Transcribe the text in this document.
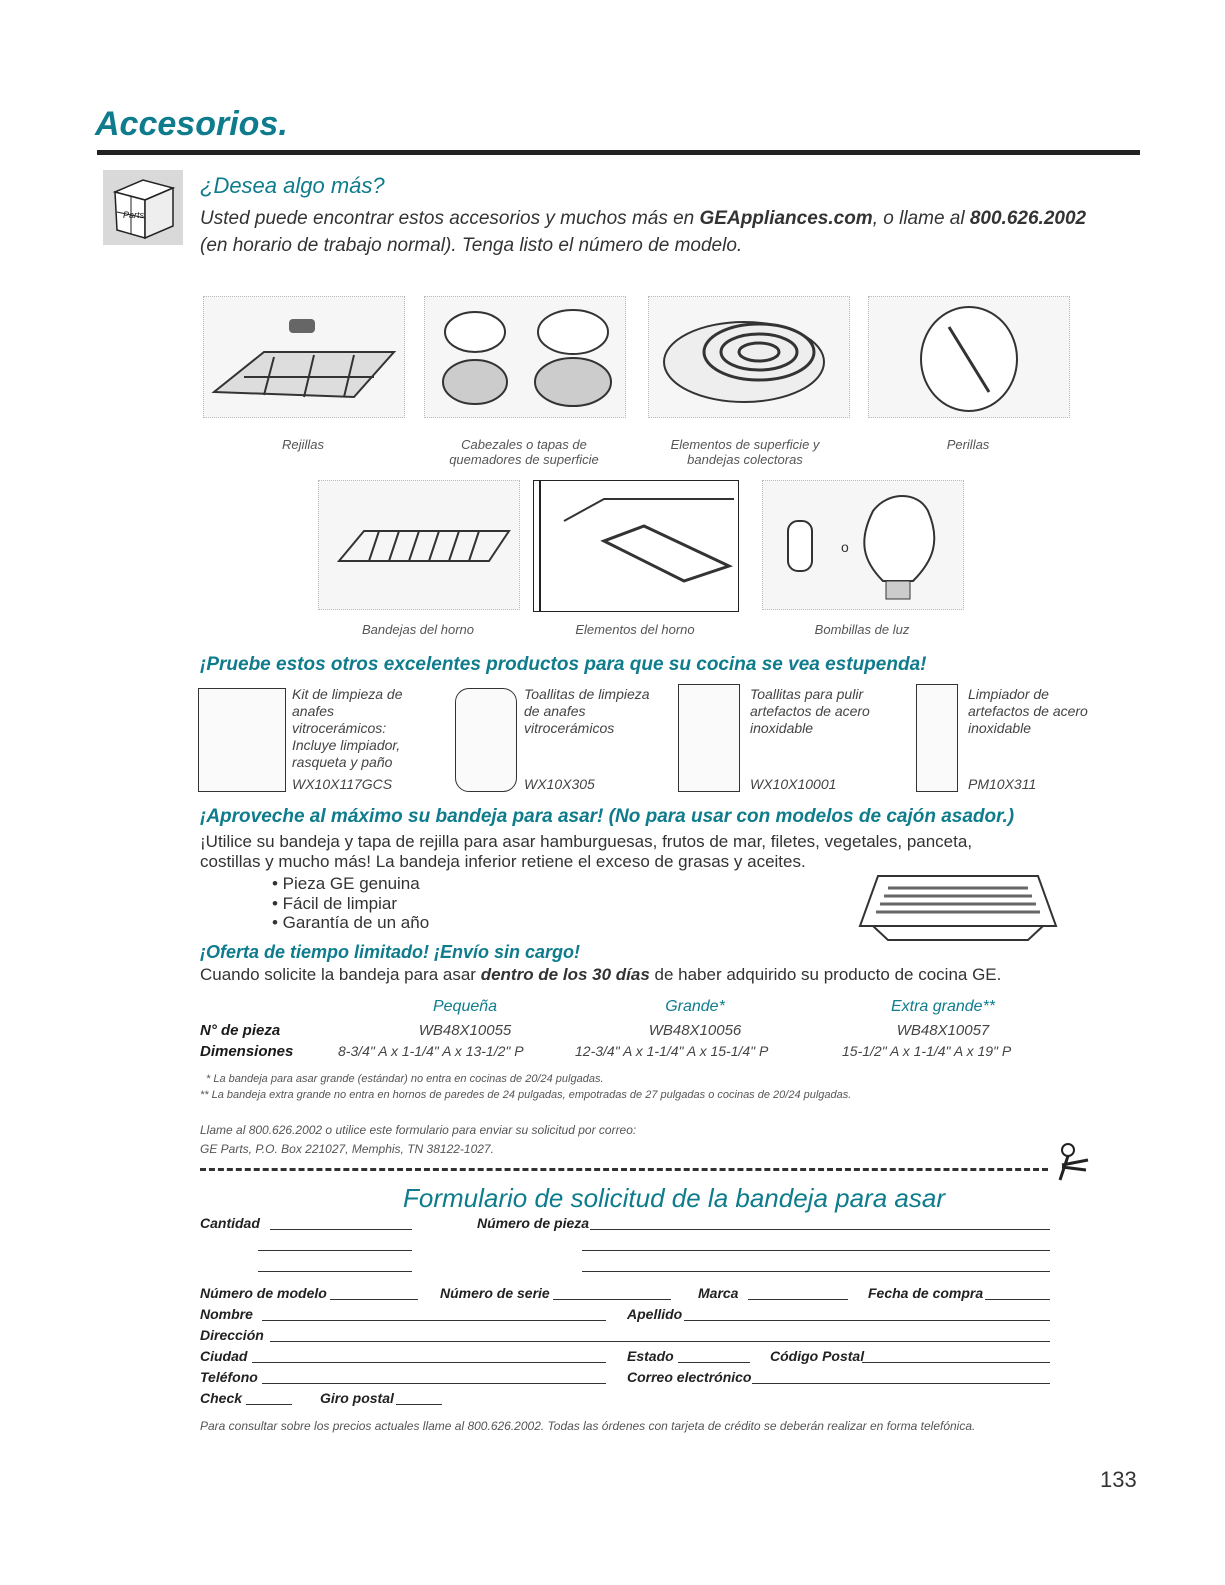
Accesorios.
Parts
¿Desea algo más?
Usted puede encontrar estos accesorios y muchos más en GEAppliances.com, o llame al 800.626.2002
(en horario de trabajo normal). Tenga listo el número de modelo.
Rejillas	Cabezales o tapas de quemadores de superficie
Elementos de superficie y bandejas colectoras
Perillas
o
Bandejas del horno	Elementos del horno	Bombillas de luz
¡Pruebe estos otros excelentes productos para que su cocina se vea estupenda!
Kit de limpieza de anafes vitrocerámicos: Incluye limpiador, rasqueta y paño
WX10X117GCS
Toallitas de limpieza de anafes vitrocerámicos
WX10X305
Toallitas para pulir artefactos de acero inoxidable
WX10X10001
Limpiador de artefactos de acero inoxidable
PM10X311
¡Aproveche al máximo su bandeja para asar! (No para usar con modelos de cajón asador.)
¡Utilice su bandeja y tapa de rejilla para asar hamburguesas, frutos de mar, filetes, vegetales, panceta,
costillas y mucho más! La bandeja inferior retiene el exceso de grasas y aceites.
• Pieza GE genuina
• Fácil de limpiar
• Garantía de un año
¡Oferta de tiempo limitado! ¡Envío sin cargo!
Cuando solicite la bandeja para asar dentro de los 30 días de haber adquirido su producto de cocina GE.
Pequeña	Grande*	Extra grande**
N° de pieza
Dimensiones
WB48X10055	WB48X10056	WB48X10057
8-3/4" A x 1-1/4" A x 13-1/2" P	12-3/4" A x 1-1/4" A x 15-1/4" P	15-1/2" A x 1-1/4" A x 19" P
* La bandeja para asar grande (estándar) no entra en cocinas de 20/24 pulgadas.
** La bandeja extra grande no entra en hornos de paredes de 24 pulgadas, empotradas de 27 pulgadas o cocinas de 20/24 pulgadas.
Llame al 800.626.2002 o utilice este formulario para enviar su solicitud por correo:
GE Parts, P.O. Box 221027, Memphis, TN 38122-1027.
Formulario de solicitud de la bandeja para asar
Cantidad	Número de pieza
Número de modelo	Número de serie	Marca	Fecha de compra
Nombre	Apellido
Dirección
Ciudad	Estado	Código Postal
Teléfono	Correo electrónico
Check	Giro postal
Para consultar sobre los precios actuales llame al 800.626.2002. Todas las órdenes con tarjeta de crédito se deberán realizar en forma telefónica.
133
